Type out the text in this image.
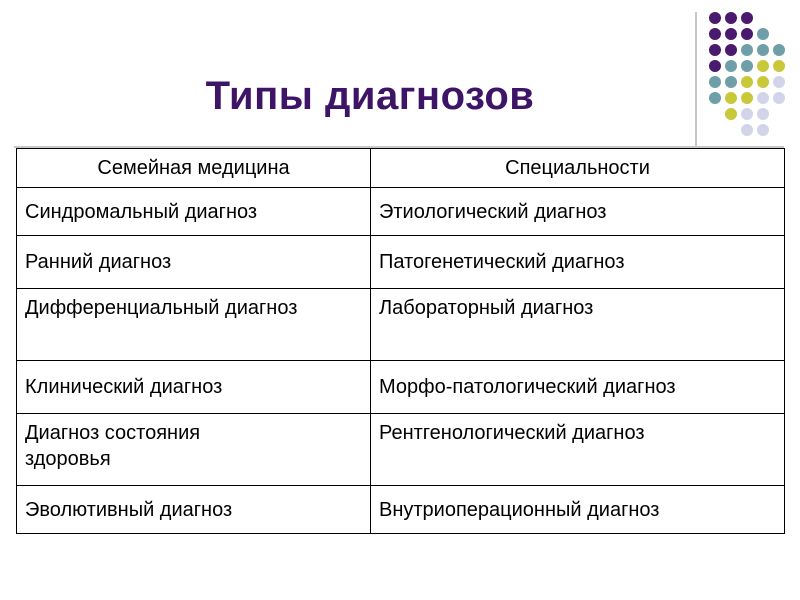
Типы диагнозов
Семейная медицина	Специальности
Синдромальный диагноз	Этиологический диагноз
Ранний диагноз	Патогенетический диагноз
Дифференциальный диагноз	Лабораторный диагноз
Клинический диагноз	Морфо-патологический диагноз
Диагноз состояния здоровья	Рентгенологический диагноз
Эволютивный диагноз	Внутриоперационный диагноз
